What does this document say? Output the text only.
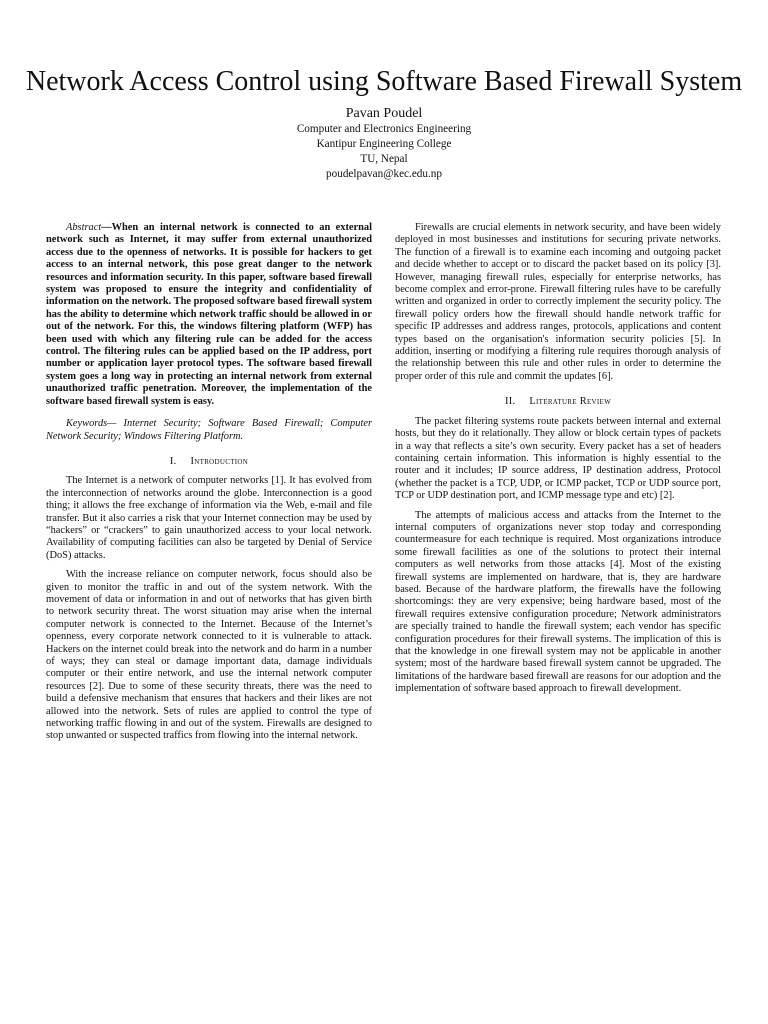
Network Access Control using Software Based Firewall System
Pavan Poudel
Computer and Electronics Engineering
Kantipur Engineering College
TU, Nepal
poudelpavan@kec.edu.np

Abstract—When an internal network is connected to an external network such as Internet, it may suffer from external unauthorized access due to the openness of networks. It is possible for hackers to get access to an internal network, this pose great danger to the network resources and information security. In this paper, software based firewall system was proposed to ensure the integrity and confidentiality of information on the network. The proposed software based firewall system has the ability to determine which network traffic should be allowed in or out of the network. For this, the windows filtering platform (WFP) has been used with which any filtering rule can be added for the access control. The filtering rules can be applied based on the IP address, port number or application layer protocol types. The software based firewall system goes a long way in protecting an internal network from external unauthorized traffic penetration. Moreover, the implementation of the software based firewall system is easy.

Keywords— Internet Security; Software Based Firewall; Computer Network Security; Windows Filtering Platform.

I. Introduction

The Internet is a network of computer networks [1]. It has evolved from the interconnection of networks around the globe. Interconnection is a good thing; it allows the free exchange of information via the Web, e-mail and file transfer. But it also carries a risk that your Internet connection may be used by “hackers” or “crackers” to gain unauthorized access to your local network. Availability of computing facilities can also be targeted by Denial of Service (DoS) attacks.

With the increase reliance on computer network, focus should also be given to monitor the traffic in and out of the system network. With the movement of data or information in and out of networks that has given birth to network security threat. The worst situation may arise when the internal computer network is connected to the Internet. Because of the Internet’s openness, every corporate network connected to it is vulnerable to attack. Hackers on the internet could break into the network and do harm in a number of ways; they can steal or damage important data, damage individuals computer or their entire network, and use the internal network computer resources [2]. Due to some of these security threats, there was the need to build a defensive mechanism that ensures that hackers and their likes are not allowed into the network. Sets of rules are applied to control the type of networking traffic flowing in and out of the system. Firewalls are designed to stop unwanted or suspected traffics from flowing into the internal network.

Firewalls are crucial elements in network security, and have been widely deployed in most businesses and institutions for securing private networks. The function of a firewall is to examine each incoming and outgoing packet and decide whether to accept or to discard the packet based on its policy [3]. However, managing firewall rules, especially for enterprise networks, has become complex and error-prone. Firewall filtering rules have to be carefully written and organized in order to correctly implement the security policy. The firewall policy orders how the firewall should handle network traffic for specific IP addresses and address ranges, protocols, applications and content types based on the organisation's information security policies [5]. In addition, inserting or modifying a filtering rule requires thorough analysis of the relationship between this rule and other rules in order to determine the proper order of this rule and commit the updates [6].

II. Literature Review

The packet filtering systems route packets between internal and external hosts, but they do it relationally. They allow or block certain types of packets in a way that reflects a site’s own security. Every packet has a set of headers containing certain information. This information is highly essential to the router and it includes; IP source address, IP destination address, Protocol (whether the packet is a TCP, UDP, or ICMP packet, TCP or UDP source port, TCP or UDP destination port, and ICMP message type and etc) [2].

The attempts of malicious access and attacks from the Internet to the internal computers of organizations never stop today and corresponding countermeasure for each technique is required. Most organizations introduce some firewall facilities as one of the solutions to protect their internal computers as well networks from those attacks [4]. Most of the existing firewall systems are implemented on hardware, that is, they are hardware based. Because of the hardware platform, the firewalls have the following shortcomings: they are very expensive; being hardware based, most of the firewall requires extensive configuration procedure; Network administrators are specially trained to handle the firewall system; each vendor has specific configuration procedures for their firewall systems. The implication of this is that the knowledge in one firewall system may not be applicable in another system; most of the hardware based firewall system cannot be upgraded. The limitations of the hardware based firewall are reasons for our adoption and the implementation of software based approach to firewall development.
